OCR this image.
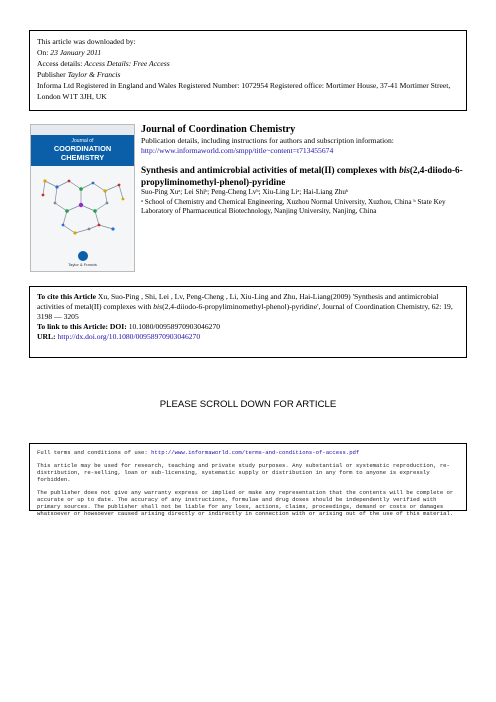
This article was downloaded by:
On: 23 January 2011
Access details: Access Details: Free Access
Publisher Taylor & Francis
Informa Ltd Registered in England and Wales Registered Number: 1072954 Registered office: Mortimer House, 37-41 Mortimer Street, London W1T 3JH, UK
Journal of
COORDINATION
CHEMISTRY
Taylor & Francis
Journal of Coordination Chemistry
Publication details, including instructions for authors and subscription information:
http://www.informaworld.com/smpp/title~content=t713455674
Synthesis and antimicrobial activities of metal(II) complexes with bis(2,4-diiodo-6-propyliminomethyl-phenol)-pyridine
Suo-Ping Xuᵃ; Lei Shiᵇ; Peng-Cheng Lvᵇ; Xiu-Ling Liᵃ; Hai-Liang Zhuᵇ
ᵃ School of Chemistry and Chemical Engineering, Xuzhou Normal University, Xuzhou, China ᵇ State Key Laboratory of Pharmaceutical Biotechnology, Nanjing University, Nanjing, China
To cite this Article Xu, Suo-Ping , Shi, Lei , Lv, Peng-Cheng , Li, Xiu-Ling and Zhu, Hai-Liang(2009) 'Synthesis and antimicrobial activities of metal(II) complexes with bis(2,4-diiodo-6-propyliminomethyl-phenol)-pyridine', Journal of Coordination Chemistry, 62: 19, 3198 — 3205
To link to this Article: DOI: 10.1080/00958970903046270
URL: http://dx.doi.org/10.1080/00958970903046270
PLEASE SCROLL DOWN FOR ARTICLE

Full terms and conditions of use: http://www.informaworld.com/terms-and-conditions-of-access.pdf

This article may be used for research, teaching and private study purposes. Any substantial or systematic reproduction, re-distribution, re-selling, loan or sub-licensing, systematic supply or distribution in any form to anyone is expressly forbidden.

The publisher does not give any warranty express or implied or make any representation that the contents will be complete or accurate or up to date. The accuracy of any instructions, formulae and drug doses should be independently verified with primary sources. The publisher shall not be liable for any loss, actions, claims, proceedings, demand or costs or damages whatsoever or howsoever caused arising directly or indirectly in connection with or arising out of the use of this material.
